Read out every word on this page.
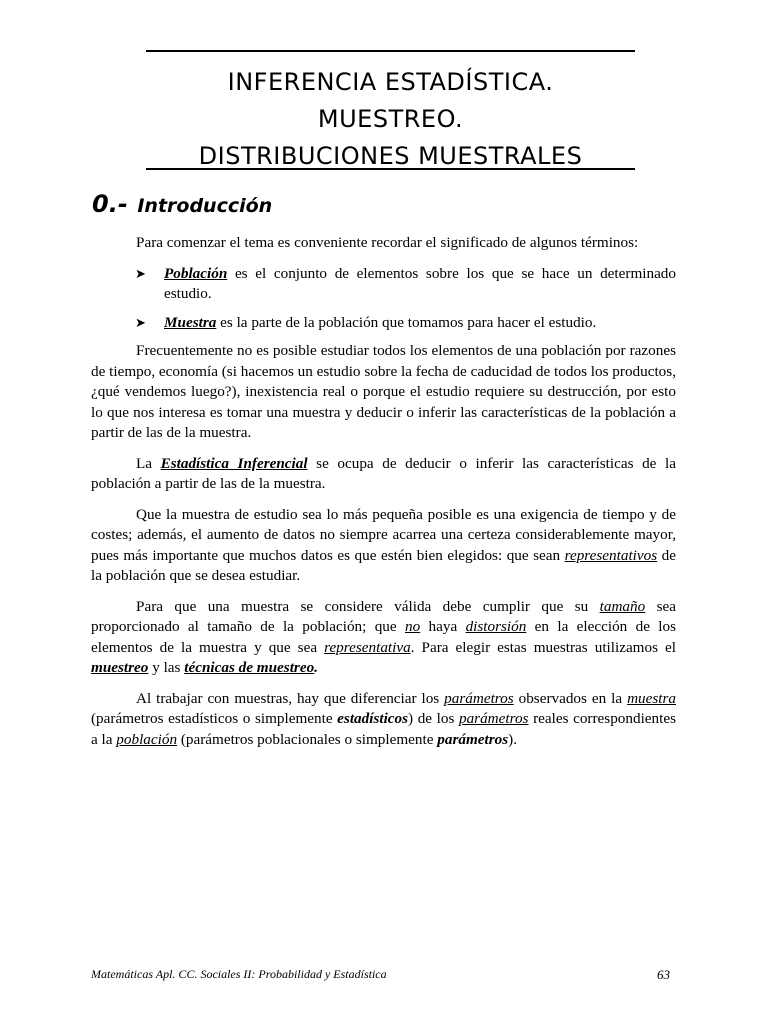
INFERENCIA ESTADÍSTICA.
MUESTREO.
DISTRIBUCIONES MUESTRALES
0.- Introducción

Para comenzar el tema es conveniente recordar el significado de algunos términos:

➤ Población es el conjunto de elementos sobre los que se hace un determinado estudio.
➤ Muestra es la parte de la población que tomamos para hacer el estudio.

Frecuentemente no es posible estudiar todos los elementos de una población por razones de tiempo, economía (si hacemos un estudio sobre la fecha de caducidad de todos los productos, ¿qué vendemos luego?), inexistencia real o porque el estudio requiere su destrucción, por esto lo que nos interesa es tomar una muestra y deducir o inferir las características de la población a partir de las de la muestra.

La Estadística Inferencial se ocupa de deducir o inferir las características de la población a partir de las de la muestra.

Que la muestra de estudio sea lo más pequeña posible es una exigencia de tiempo y de costes; además, el aumento de datos no siempre acarrea una certeza considerablemente mayor, pues más importante que muchos datos es que estén bien elegidos: que sean representativos de la población que se desea estudiar.

Para que una muestra se considere válida debe cumplir que su tamaño sea proporcionado al tamaño de la población; que no haya distorsión en la elección de los elementos de la muestra y que sea representativa. Para elegir estas muestras utilizamos el muestreo y las técnicas de muestreo.

Al trabajar con muestras, hay que diferenciar los parámetros observados en la muestra (parámetros estadísticos o simplemente estadísticos) de los parámetros reales correspondientes a la población (parámetros poblacionales o simplemente parámetros).

Matemáticas Apl. CC. Sociales II: Probabilidad y Estadística	63
